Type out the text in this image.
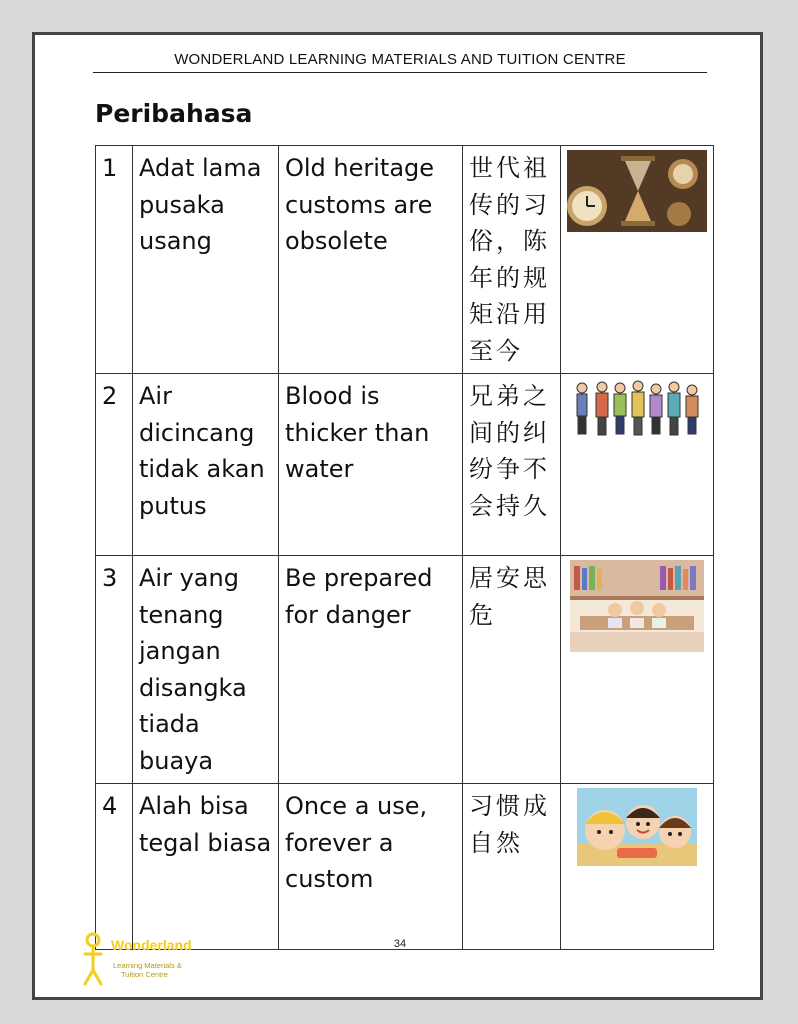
WONDERLAND LEARNING MATERIALS AND TUITION CENTRE
Peribahasa
1	Adat lama pusaka usang	Old heritage customs are obsolete	世代祖传的习俗，陈年的规矩沿用至今	

2	Air dicincang tidak akan putus	Blood is thicker than water	兄弟之间的纠纷争不会持久	

3	Air yang tenang jangan disangka tiada buaya	Be prepared for danger	居安思危	

4	Alah bisa tegal biasa	Once a use, forever a custom	习惯成自然	
Wonderland
Learning Materials &
Tuition Centre
34
